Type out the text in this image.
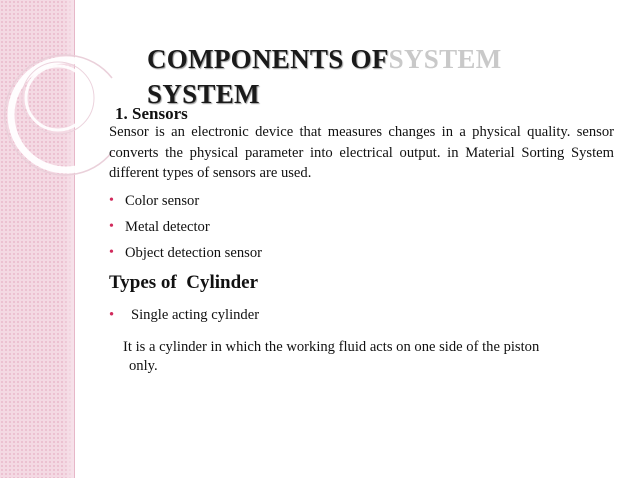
COMPONENTS OFSYSTEM
SYSTEM
1. Sensors

Sensor is an electronic device that measures changes in a physical quality. sensor converts the physical parameter into electrical output. in Material Sorting System different types of sensors are used.

• Color sensor
• Metal detector
• Object detection sensor
Types of  Cylinder
• Single acting cylinder

It is a cylinder in which the working fluid acts on one side of the piston
only.
